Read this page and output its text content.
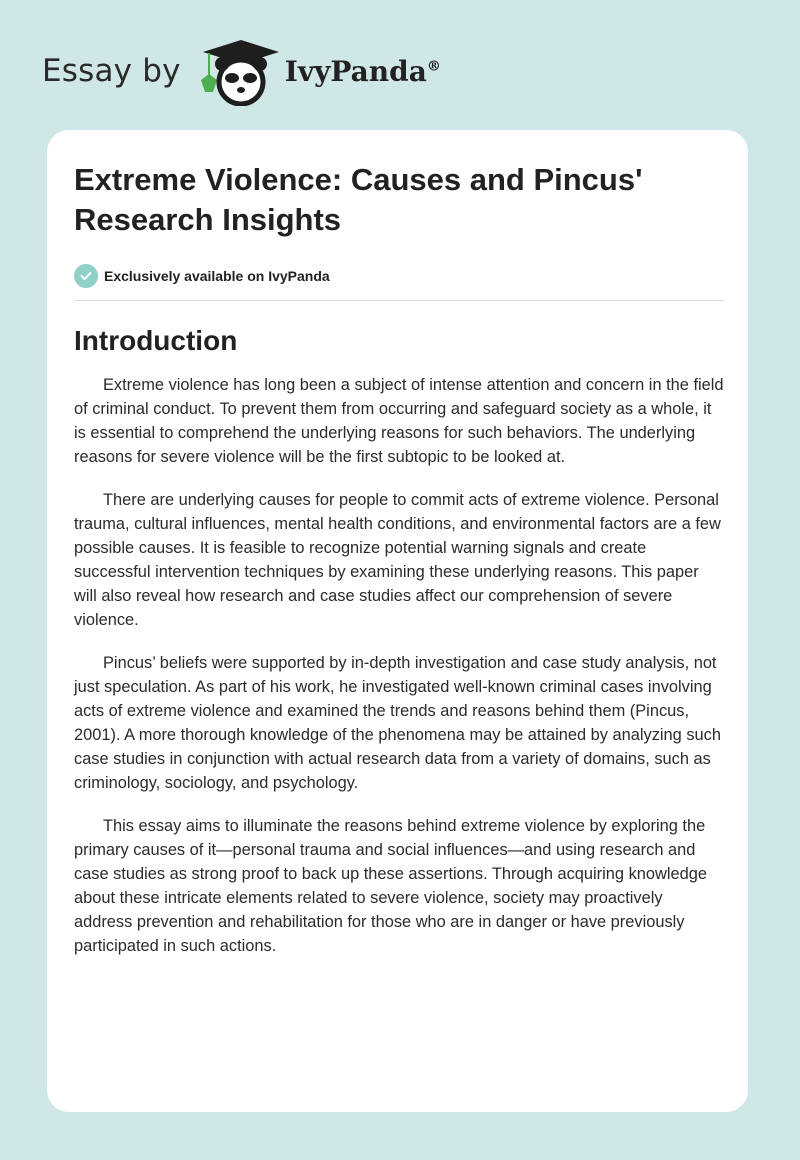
Essay by	IvyPanda®
Extreme Violence: Causes and Pincus' Research Insights
Exclusively available on IvyPanda
Introduction

Extreme violence has long been a subject of intense attention and concern in the field of criminal conduct. To prevent them from occurring and safeguard society as a whole, it is essential to comprehend the underlying reasons for such behaviors. The underlying reasons for severe violence will be the first subtopic to be looked at.

There are underlying causes for people to commit acts of extreme violence. Personal trauma, cultural influences, mental health conditions, and environmental factors are a few possible causes. It is feasible to recognize potential warning signals and create successful intervention techniques by examining these underlying reasons. This paper will also reveal how research and case studies affect our comprehension of severe violence.

Pincus’ beliefs were supported by in-depth investigation and case study analysis, not just speculation. As part of his work, he investigated well-known criminal cases involving acts of extreme violence and examined the trends and reasons behind them (Pincus, 2001). A more thorough knowledge of the phenomena may be attained by analyzing such case studies in conjunction with actual research data from a variety of domains, such as criminology, sociology, and psychology.

This essay aims to illuminate the reasons behind extreme violence by exploring the primary causes of it—personal trauma and social influences—and using research and case studies as strong proof to back up these assertions. Through acquiring knowledge about these intricate elements related to severe violence, society may proactively address prevention and rehabilitation for those who are in danger or have previously participated in such actions.
